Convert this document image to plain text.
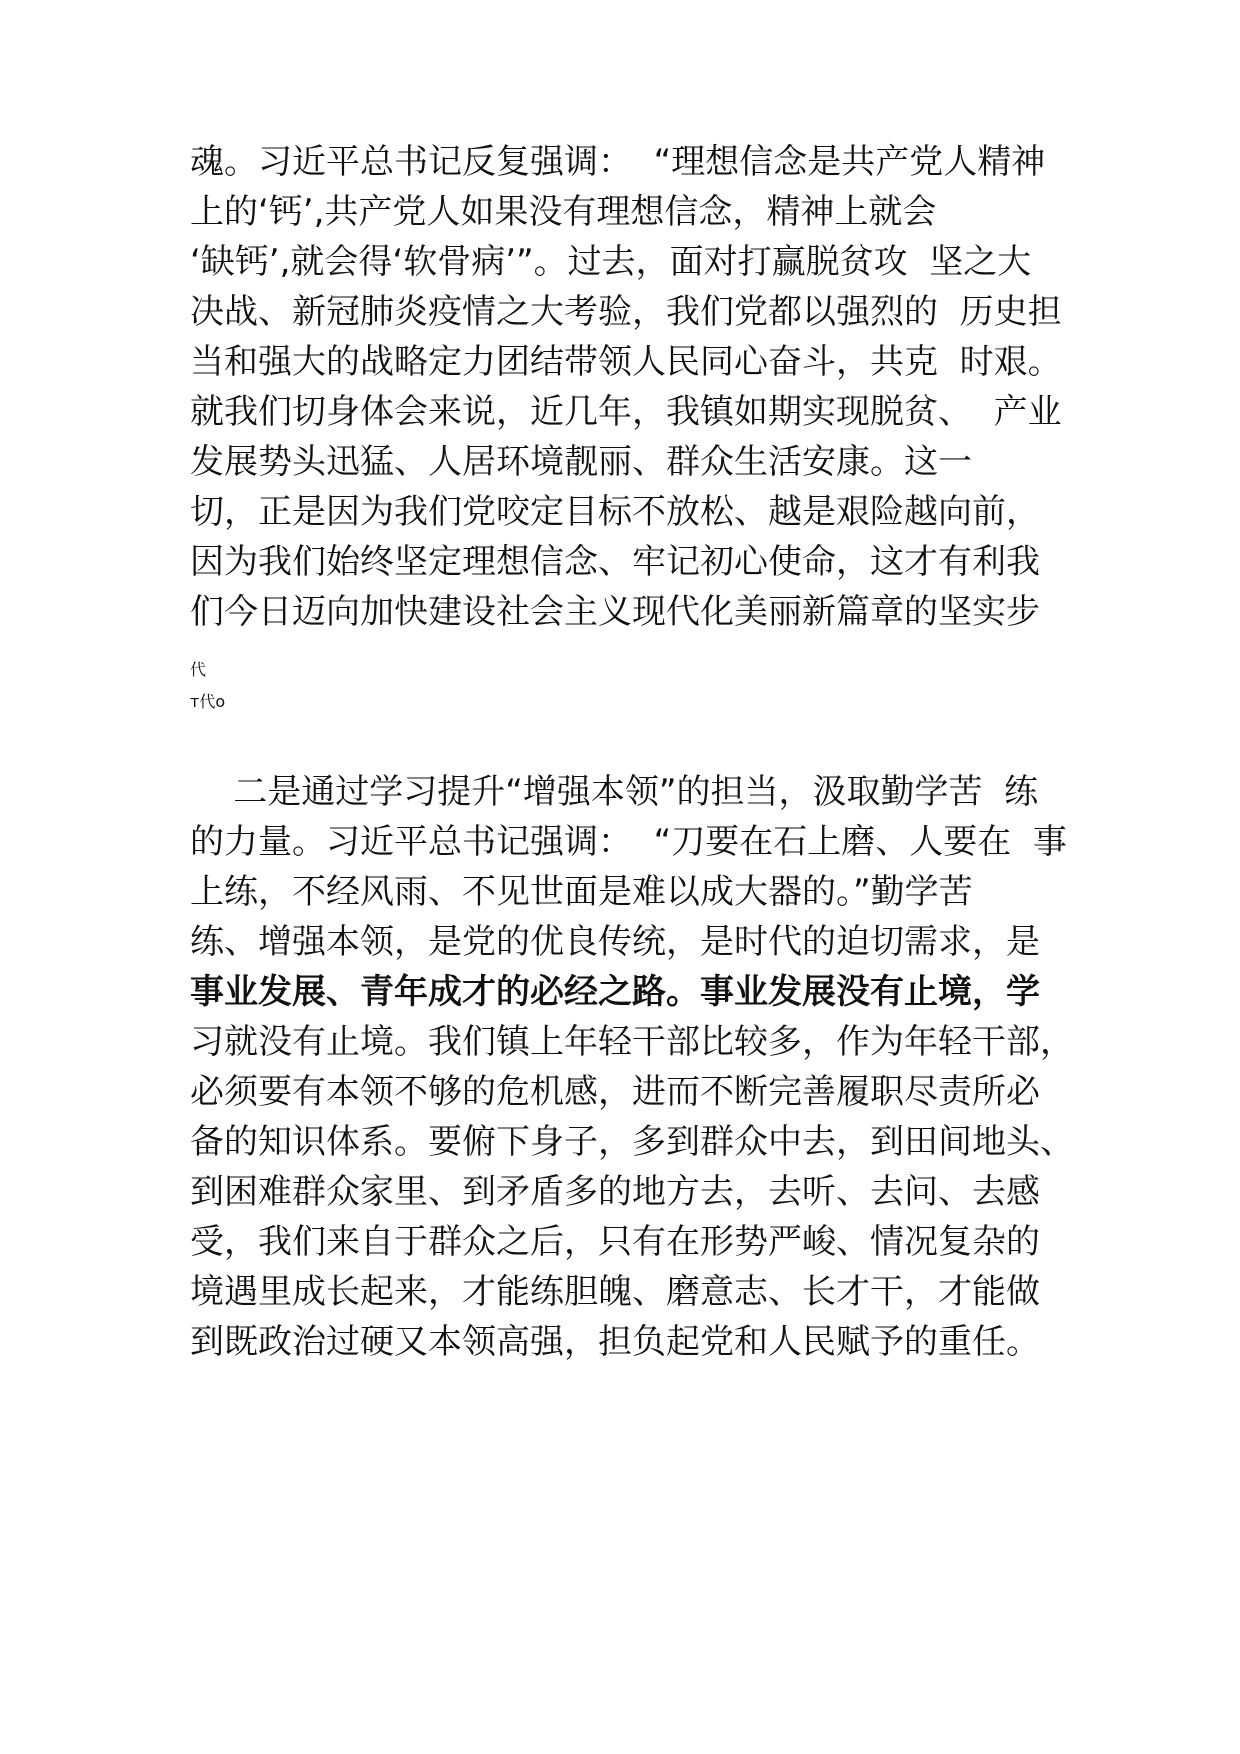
魂。习近平总书记反复强调：  “理想信念是共产党人精神
上的‘钙’,共产党人如果没有理想信念，精神上就会
‘缺钙’,就会得‘软骨病’”。过去，面对打赢脱贫攻  坚之大
决战、新冠肺炎疫情之大考验，我们党都以强烈的  历史担
当和强大的战略定力团结带领人民同心奋斗，共克  时艰。
就我们切身体会来说，近几年，我镇如期实现脱贫、  产业
发展势头迅猛、人居环境靓丽、群众生活安康。这一
切，正是因为我们党咬定目标不放松、越是艰险越向前，
因为我们始终坚定理想信念、牢记初心使命，这才有利我
们今日迈向加快建设社会主义现代化美丽新篇章的坚实步
代
т代о
二是通过学习提升“增强本领”的担当，汲取勤学苦  练
的力量。习近平总书记强调：  “刀要在石上磨、人要在  事
上练，不经风雨、不见世面是难以成大器的。”勤学苦
练、增强本领，是党的优良传统，是时代的迫切需求，是
事业发展、青年成才的必经之路。事业发展没有止境，学
习就没有止境。我们镇上年轻干部比较多，作为年轻干部，
必须要有本领不够的危机感，进而不断完善履职尽责所必
备的知识体系。要俯下身子，多到群众中去，到田间地头、
到困难群众家里、到矛盾多的地方去，去听、去问、去感
受，我们来自于群众之后，只有在形势严峻、情况复杂的
境遇里成长起来，才能练胆魄、磨意志、长才干，才能做
到既政治过硬又本领高强，担负起党和人民赋予的重任。
